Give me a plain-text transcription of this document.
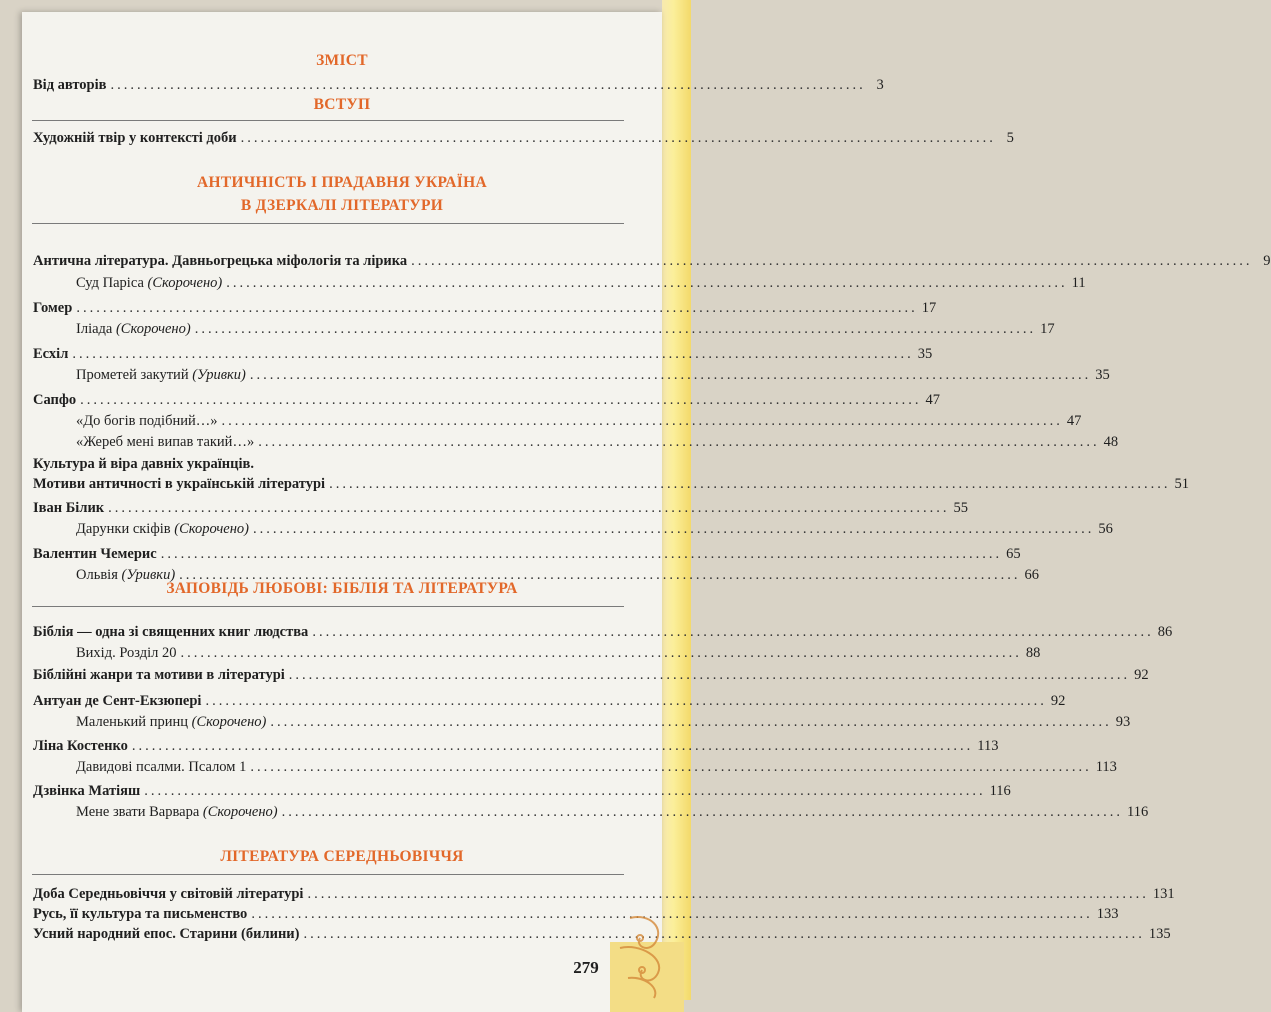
ЗМІСТ
Від авторів .................................................................................................................. 3
ВСТУП
Художній твір у контексті доби .................................................................................................................. 5
АНТИЧНІСТЬ І ПРАДАВНЯ УКРАЇНА
В ДЗЕРКАЛІ ЛІТЕРАТУРИ
Антична література. Давньогрецька міфологія та лірика ............................................................................................................................... 9
Суд Паріса (Скорочено) ............................................................................................................................... 11
Гомер ............................................................................................................................... 17
Іліада (Скорочено) ............................................................................................................................... 17
Есхіл ............................................................................................................................... 35
Прометей закутий (Уривки) ............................................................................................................................... 35
Сапфо ............................................................................................................................... 47
«До богів подібний…» ............................................................................................................................... 47
«Жереб мені випав такий…» ............................................................................................................................... 48
Культура й віра давніх українців.
Мотиви античності в українській літературі ............................................................................................................................... 51
Іван Білик ............................................................................................................................... 55
Дарунки скіфів (Скорочено) ............................................................................................................................... 56
Валентин Чемерис ............................................................................................................................... 65
Ольвія (Уривки) ............................................................................................................................... 66
ЗАПОВІДЬ ЛЮБОВІ: БІБЛІЯ ТА ЛІТЕРАТУРА
Біблія — одна зі священних книг людства ............................................................................................................................... 86
Вихід. Розділ 20 ............................................................................................................................... 88
Біблійні жанри та мотиви в літературі ............................................................................................................................... 92
Антуан де Сент-Екзюпері ............................................................................................................................... 92
Маленький принц (Скорочено) ............................................................................................................................... 93
Ліна Костенко ............................................................................................................................... 113
Давидові псалми. Псалом 1 ............................................................................................................................... 113
Дзвінка Матіяш ............................................................................................................................... 116
Мене звати Варвара (Скорочено) ............................................................................................................................... 116
ЛІТЕРАТУРА СЕРЕДНЬОВІЧЧЯ
Доба Середньовіччя у світовій літературі ............................................................................................................................... 131
Русь, її культура та письменство ............................................................................................................................... 133
Усний народний епос. Старини (билини) ............................................................................................................................... 135
279
